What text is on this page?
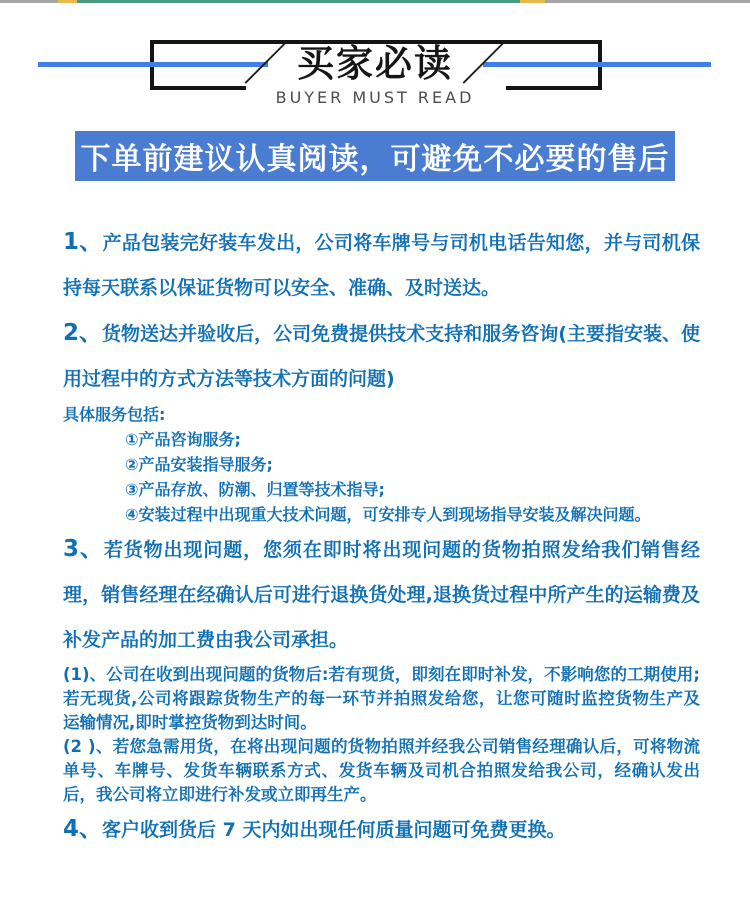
／ 买家必读 ／
BUYER MUST READ
下单前建议认真阅读，可避免不必要的售后

1、产品包装完好装车发出，公司将车牌号与司机电话告知您，并与司机保持每天联系以保证货物可以安全、准确、及时送达。

2、货物送达并验收后，公司免费提供技术支持和服务咨询(主要指安装、使用过程中的方式方法等技术方面的问题)

具体服务包括:

①产品咨询服务;

②产品安装指导服务;

③产品存放、防潮、归置等技术指导;

④安装过程中出现重大技术问题，可安排专人到现场指导安装及解决问题。

3、若货物出现问题，您须在即时将出现问题的货物拍照发给我们销售经理，销售经理在经确认后可进行退换货处理,退换货过程中所产生的运输费及补发产品的加工费由我公司承担。

(1)、公司在收到出现问题的货物后:若有现货，即刻在即时补发，不影响您的工期使用;若无现货,公司将跟踪货物生产的每一环节并拍照发给您，让您可随时监控货物生产及 运输情况,即时掌控货物到达时间。

(2 )、若您急需用货，在将出现问题的货物拍照并经我公司销售经理确认后，可将物流单号、车牌号、发货车辆联系方式、发货车辆及司机合拍照发给我公司，经确认发出后，我公司将立即进行补发或立即再生产。

4、客户收到货后 7 天内如出现任何质量问题可免费更换。
